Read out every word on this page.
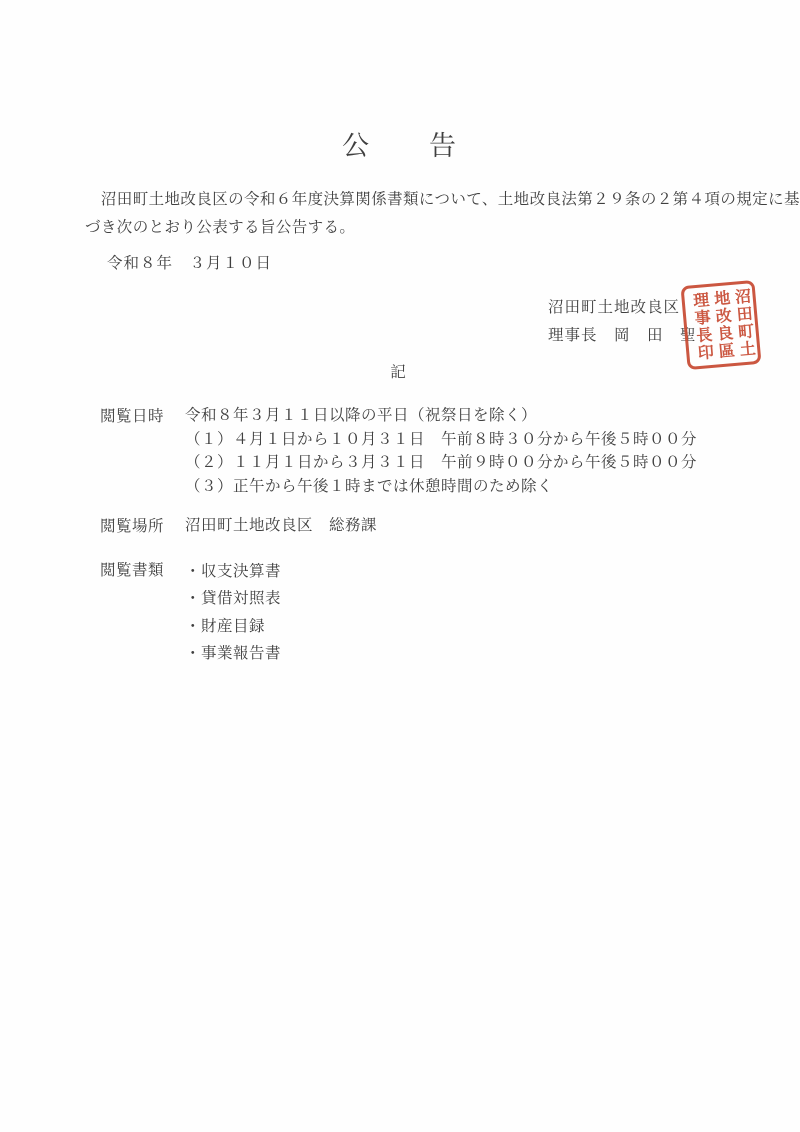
公　　告
　沼田町土地改良区の令和６年度決算関係書類について、土地改良法第２９条の２第４項の規定に基
づき次のとおり公表する旨公告する。
令和８年　３月１０日
沼田町土地改良区
理事長　岡　田　聖 沼田町土
地改良區
理事長印
記
閲覧日時 令和８年３月１１日以降の平日（祝祭日を除く）
（１）４月１日から１０月３１日　午前８時３０分から午後５時００分
（２）１１月１日から３月３１日　午前９時００分から午後５時００分
（３）正午から午後１時までは休憩時間のため除く
閲覧場所 沼田町土地改良区　総務課
閲覧書類 ・収支決算書
・貸借対照表
・財産目録
・事業報告書
